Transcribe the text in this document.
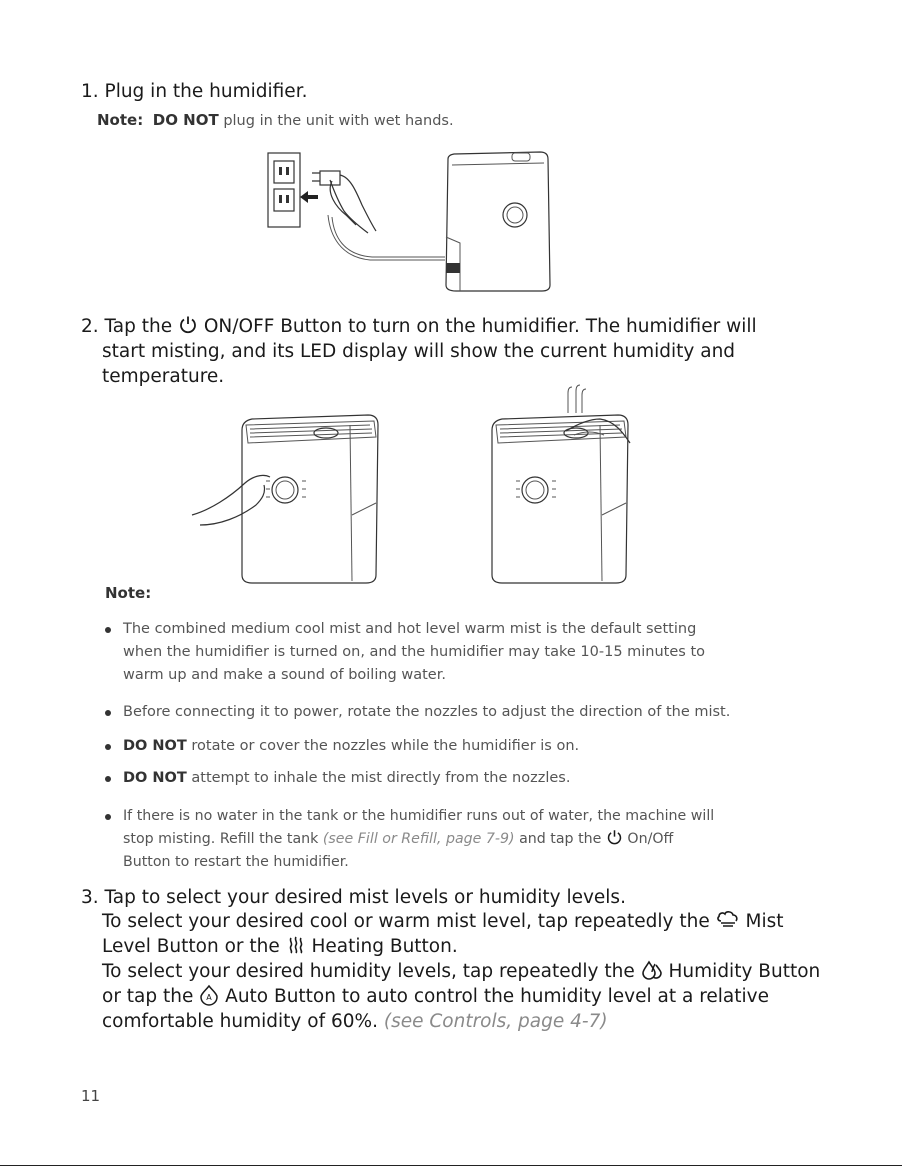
1. Plug in the humidifier.
Note: DO NOT plug in the unit with wet hands.
2. Tap the ON/OFF Button to turn on the humidifier. The humidifier will
start misting, and its LED display will show the current humidity and
temperature.
Note:
The combined medium cool mist and hot level warm mist is the default setting
when the humidifier is turned on, and the humidifier may take 10-15 minutes to
warm up and make a sound of boiling water.
Before connecting it to power, rotate the nozzles to adjust the direction of the mist.
DO NOT rotate or cover the nozzles while the humidifier is on.
DO NOT attempt to inhale the mist directly from the nozzles.
If there is no water in the tank or the humidifier runs out of water, the machine will
stop misting. Refill the tank (see Fill or Refill, page 7-9) and tap the On/Off
Button to restart the humidifier.
3. Tap to select your desired mist levels or humidity levels.
To select your desired cool or warm mist level, tap repeatedly the Mist
Level Button or the Heating Button.
To select your desired humidity levels, tap repeatedly the Humidity Button
or tap the A Auto Button to auto control the humidity level at a relative
comfortable humidity of 60%. (see Controls, page 4-7)
11
